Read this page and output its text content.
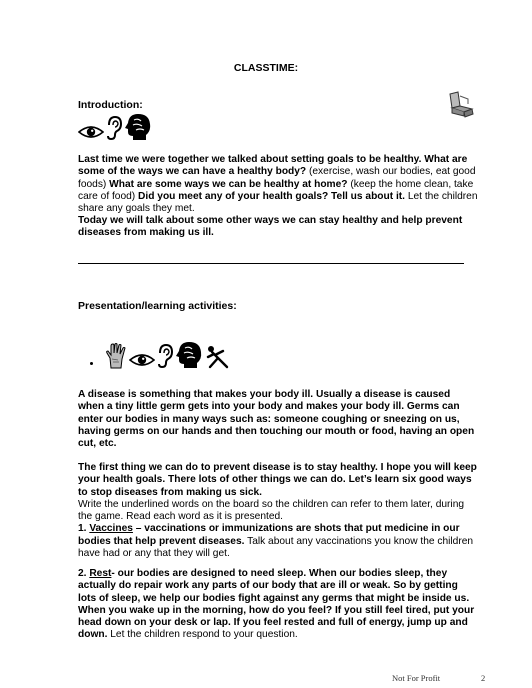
CLASSTIME:
Introduction:
Last time we were together we talked about setting goals to be healthy. What are some of the ways we can have a healthy body? (exercise, wash our bodies, eat good foods) What are some ways we can be healthy at home? (keep the home clean, take care of food) Did you meet any of your health goals? Tell us about it. Let the children share any goals they met.
Today we will talk about some other ways we can stay healthy and help prevent diseases from making us ill.
Presentation/learning activities:
A disease is something that makes your body ill. Usually a disease is caused when a tiny little germ gets into your body and makes your body ill. Germs can enter our bodies in many ways such as: someone coughing or sneezing on us, having germs on our hands and then touching our mouth or food, having an open cut, etc.
The first thing we can do to prevent disease is to stay healthy. I hope you will keep your health goals. There lots of other things we can do. Let’s learn six good ways to stop diseases from making us sick.
Write the underlined words on the board so the children can refer to them later, during the game. Read each word as it is presented.
1. Vaccines – vaccinations or immunizations are shots that put medicine in our bodies that help prevent diseases. Talk about any vaccinations you know the children have had or any that they will get.
2. Rest- our bodies are designed to need sleep. When our bodies sleep, they actually do repair work any parts of our body that are ill or weak. So by getting lots of sleep, we help our bodies fight against any germs that might be inside us. When you wake up in the morning, how do you feel? If you still feel tired, put your head down on your desk or lap. If you feel rested and full of energy, jump up and down. Let the children respond to your question.
Not For Profit	2
